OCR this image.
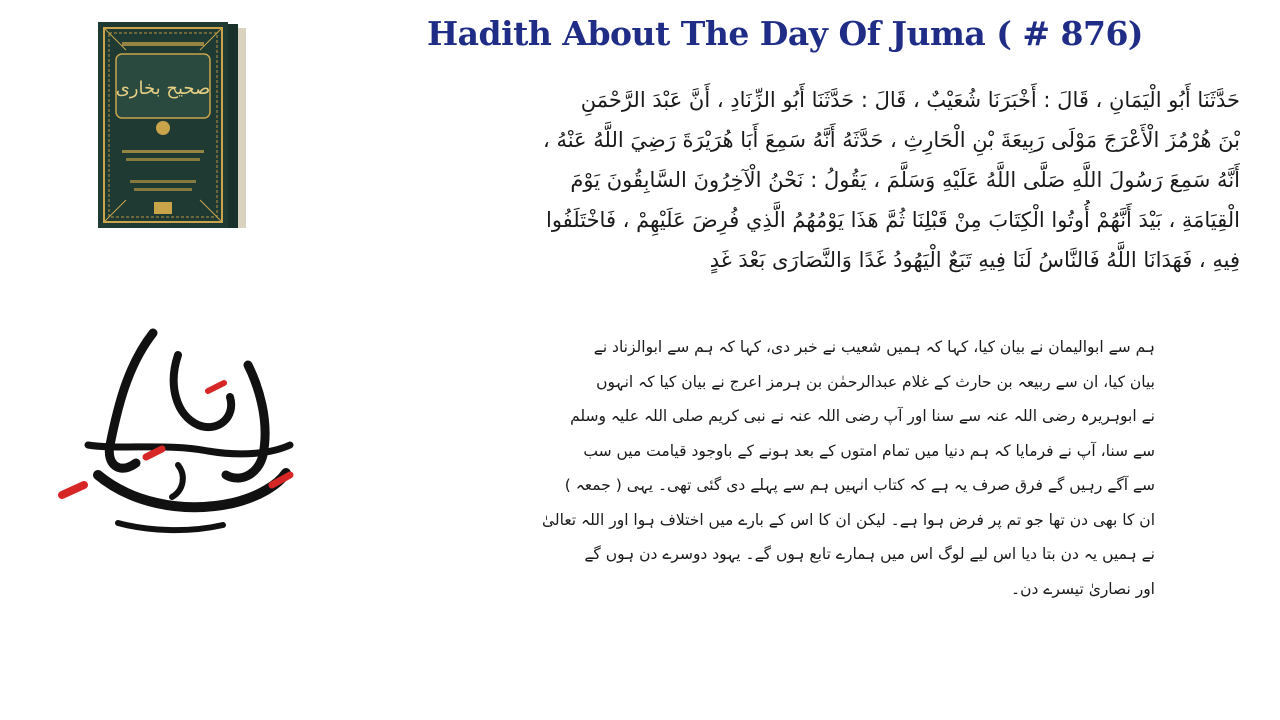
Hadith About The Day Of Juma ( # 876)
صحیح بخاری	حَدَّثَنَا أَبُو الْيَمَانِ ، قَالَ : أَخْبَرَنَا شُعَيْبٌ ، قَالَ : حَدَّثَنَا أَبُو الزِّنَادِ ، أَنَّ عَبْدَ الرَّحْمَنِ
بْنَ هُرْمُزَ الْأَعْرَجَ مَوْلَى رَبِيعَةَ بْنِ الْحَارِثِ ، حَدَّثَهُ أَنَّهُ سَمِعَ أَبَا هُرَيْرَةَ رَضِيَ اللَّهُ عَنْهُ ،
أَنَّهُ سَمِعَ رَسُولَ اللَّهِ صَلَّى اللَّهُ عَلَيْهِ وَسَلَّمَ ، يَقُولُ : نَحْنُ الْآخِرُونَ السَّابِقُونَ يَوْمَ
الْقِيَامَةِ ، بَيْدَ أَنَّهُمْ أُوتُوا الْكِتَابَ مِنْ قَبْلِنَا ثُمَّ هَذَا يَوْمُهُمُ الَّذِي فُرِضَ عَلَيْهِمْ ، فَاخْتَلَفُوا
فِيهِ ، فَهَدَانَا اللَّهُ فَالنَّاسُ لَنَا فِيهِ تَبَعٌ الْيَهُودُ غَدًا وَالنَّصَارَى بَعْدَ غَدٍ
ہم سے ابوالیمان نے بیان کیا، کہا کہ ہمیں شعیب نے خبر دی، کہا کہ ہم سے ابوالزناد نے
بیان کیا، ان سے ربیعہ بن حارث کے غلام عبدالرحمٰن بن ہرمز اعرج نے بیان کیا کہ انہوں
نے ابوہریرہ رضی اللہ عنہ سے سنا اور آپ رضی اللہ عنہ نے نبی کریم صلی اللہ علیہ وسلم
سے سنا، آپ نے فرمایا کہ ہم دنیا میں تمام امتوں کے بعد ہونے کے باوجود قیامت میں سب
سے آگے رہیں گے فرق صرف یہ ہے کہ کتاب انہیں ہم سے پہلے دی گئی تھی۔ یہی ( جمعہ )
ان کا بھی دن تھا جو تم پر فرض ہوا ہے۔ لیکن ان کا اس کے بارے میں اختلاف ہوا اور اللہ تعالیٰ
نے ہمیں یہ دن بتا دیا اس لیے لوگ اس میں ہمارے تابع ہوں گے۔ یہود دوسرے دن ہوں گے
اور نصاریٰ تیسرے دن۔
جمعہ مبارکہ
